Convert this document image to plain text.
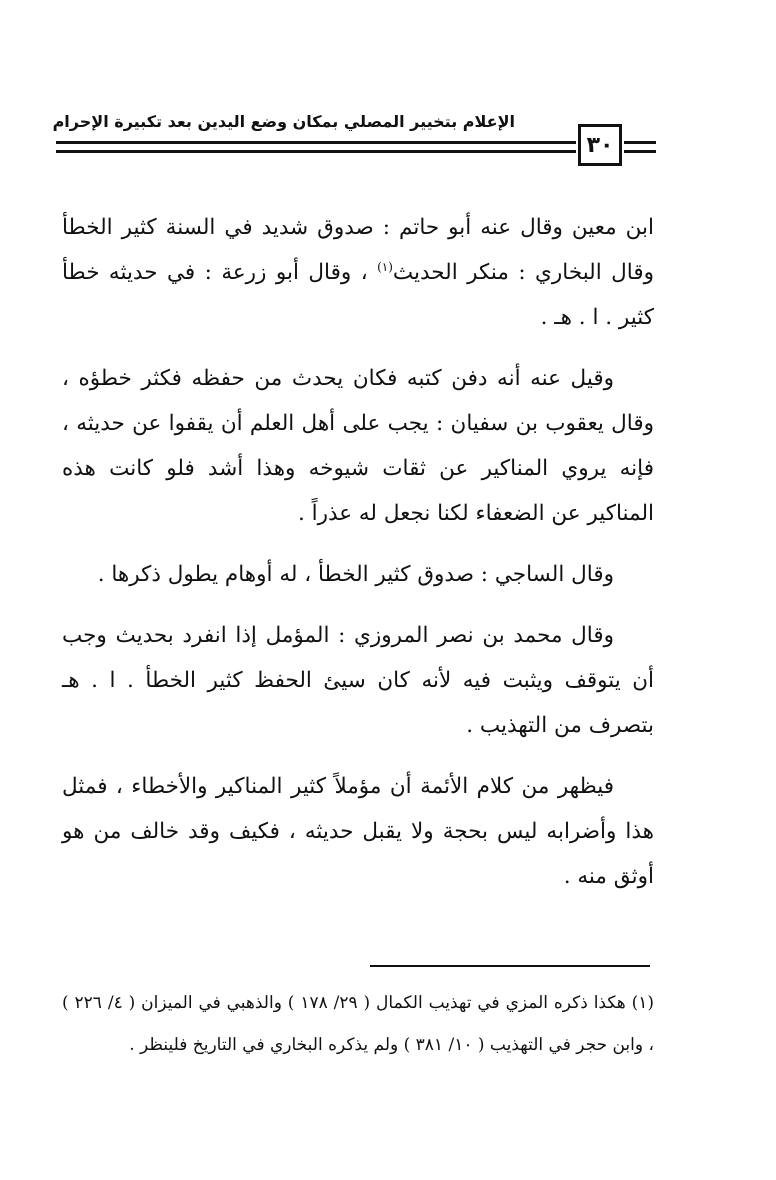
الإعلام بتخيير المصلي بمكان وضع اليدين بعد تكبيرة الإحرام
٣٠

ابن معين وقال عنه أبو حاتم : صدوق شديد في السنة كثير الخطأ وقال البخاري : منكر الحديث$^{(١)}$ ، وقال أبو زرعة : في حديثه خطأ كثير . ا . هـ .

وقيل عنه أنه دفن كتبه فكان يحدث من حفظه فكثر خطؤه ، وقال يعقوب بن سفيان : يجب على أهل العلم أن يقفوا عن حديثه ، فإنه يروي المناكير عن ثقات شيوخه وهذا أشد فلو كانت هذه المناكير عن الضعفاء لكنا نجعل له عذراً .

وقال الساجي : صدوق كثير الخطأ ، له أوهام يطول ذكرها .

وقال محمد بن نصر المروزي : المؤمل إذا انفرد بحديث وجب أن يتوقف ويثبت فيه لأنه كان سيئ الحفظ كثير الخطأ . ا . هـ بتصرف من التهذيب .

فيظهر من كلام الأئمة أن مؤملاً كثير المناكير والأخطاء ، فمثل هذا وأضرابه ليس بحجة ولا يقبل حديثه ، فكيف وقد خالف من هو أوثق منه .

(١) هكذا ذكره المزي في تهذيب الكمال ( ٢٩/ ١٧٨ ) والذهبي في الميزان ( ٤/ ٢٢٦ ) ، وابن حجر في التهذيب ( ١٠/ ٣٨١ ) ولم يذكره البخاري في التاريخ فلينظر .
